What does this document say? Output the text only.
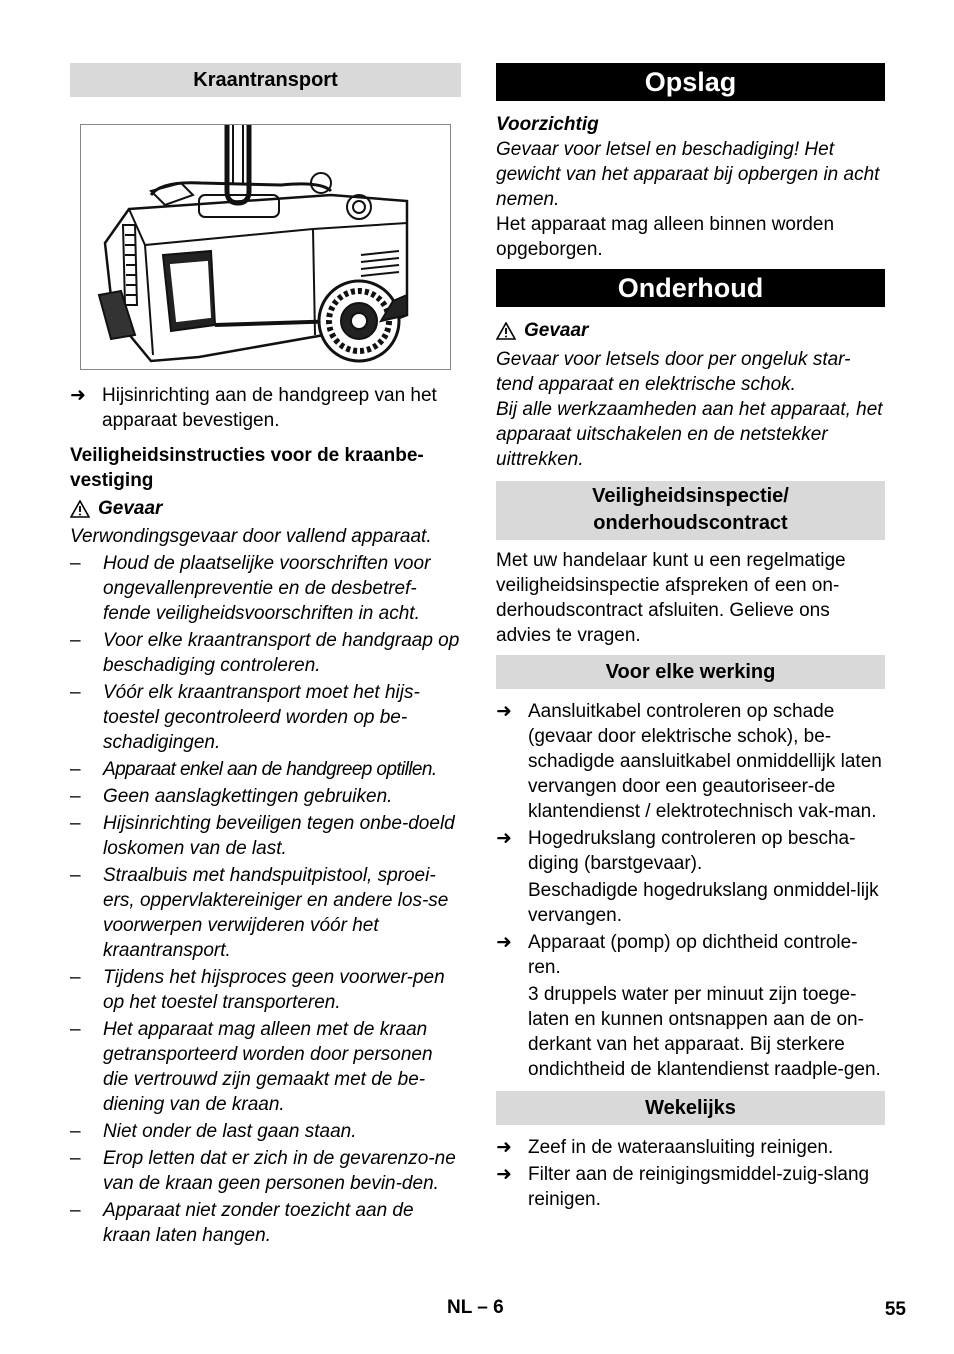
Kraantransport
➜ Hijsinrichting aan de handgreep van het apparaat bevestigen.

Veiligheidsinstructies voor de kraanbe-vestiging

Gevaar

Verwondingsgevaar door vallend apparaat.

–	Houd de plaatselijke voorschriften voor ongevallenpreventie en de desbetref-fende veiligheidsvoorschriften in acht.
–	Voor elke kraantransport de handgraap op beschadiging controleren.
–	Vóór elk kraantransport moet het hijs-toestel gecontroleerd worden op be-schadigingen.
–	Apparaat enkel aan de handgreep optillen.
–	Geen aanslagkettingen gebruiken.
–	Hijsinrichting beveiligen tegen onbe-doeld loskomen van de last.
–	Straalbuis met handspuitpistool, sproei-ers, oppervlaktereiniger en andere los-se voorwerpen verwijderen vóór het kraantransport.
–	Tijdens het hijsproces geen voorwer-pen op het toestel transporteren.
–	Het apparaat mag alleen met de kraan getransporteerd worden door personen die vertrouwd zijn gemaakt met de be-diening van de kraan.
–	Niet onder de last gaan staan.
–	Erop letten dat er zich in de gevarenzo-ne van de kraan geen personen bevin-den.
–	Apparaat niet zonder toezicht aan de kraan laten hangen.
Opslag

Voorzichtig

Gevaar voor letsel en beschadiging! Het gewicht van het apparaat bij opbergen in acht nemen.

Het apparaat mag alleen binnen worden opgeborgen.

Onderhoud
Gevaar

Gevaar voor letsels door per ongeluk star-tend apparaat en elektrische schok.

Bij alle werkzaamheden aan het apparaat, het apparaat uitschakelen en de netstekker uittrekken.

Veiligheidsinspectie/
onderhoudscontract

Met uw handelaar kunt u een regelmatige veiligheidsinspectie afspreken of een on-derhoudscontract afsluiten. Gelieve ons advies te vragen.

Voor elke werking
➜ Aansluitkabel controleren op schade (gevaar door elektrische schok), be-schadigde aansluitkabel onmiddellijk laten vervangen door een geautoriseer-de klantendienst / elektrotechnisch vak-man.
➜ Hogedrukslang controleren op bescha-diging (barstgevaar).

Beschadigde hogedrukslang onmiddel-lijk vervangen.

➜ Apparaat (pomp) op dichtheid controle-ren.

3 druppels water per minuut zijn toege-laten en kunnen ontsnappen aan de on-derkant van het apparaat. Bij sterkere ondichtheid de klantendienst raadple-gen.

Wekelijks
➜ Zeef in de wateraansluiting reinigen.
➜ Filter aan de reinigingsmiddel-zuig-slang reinigen.
NL – 6	55
